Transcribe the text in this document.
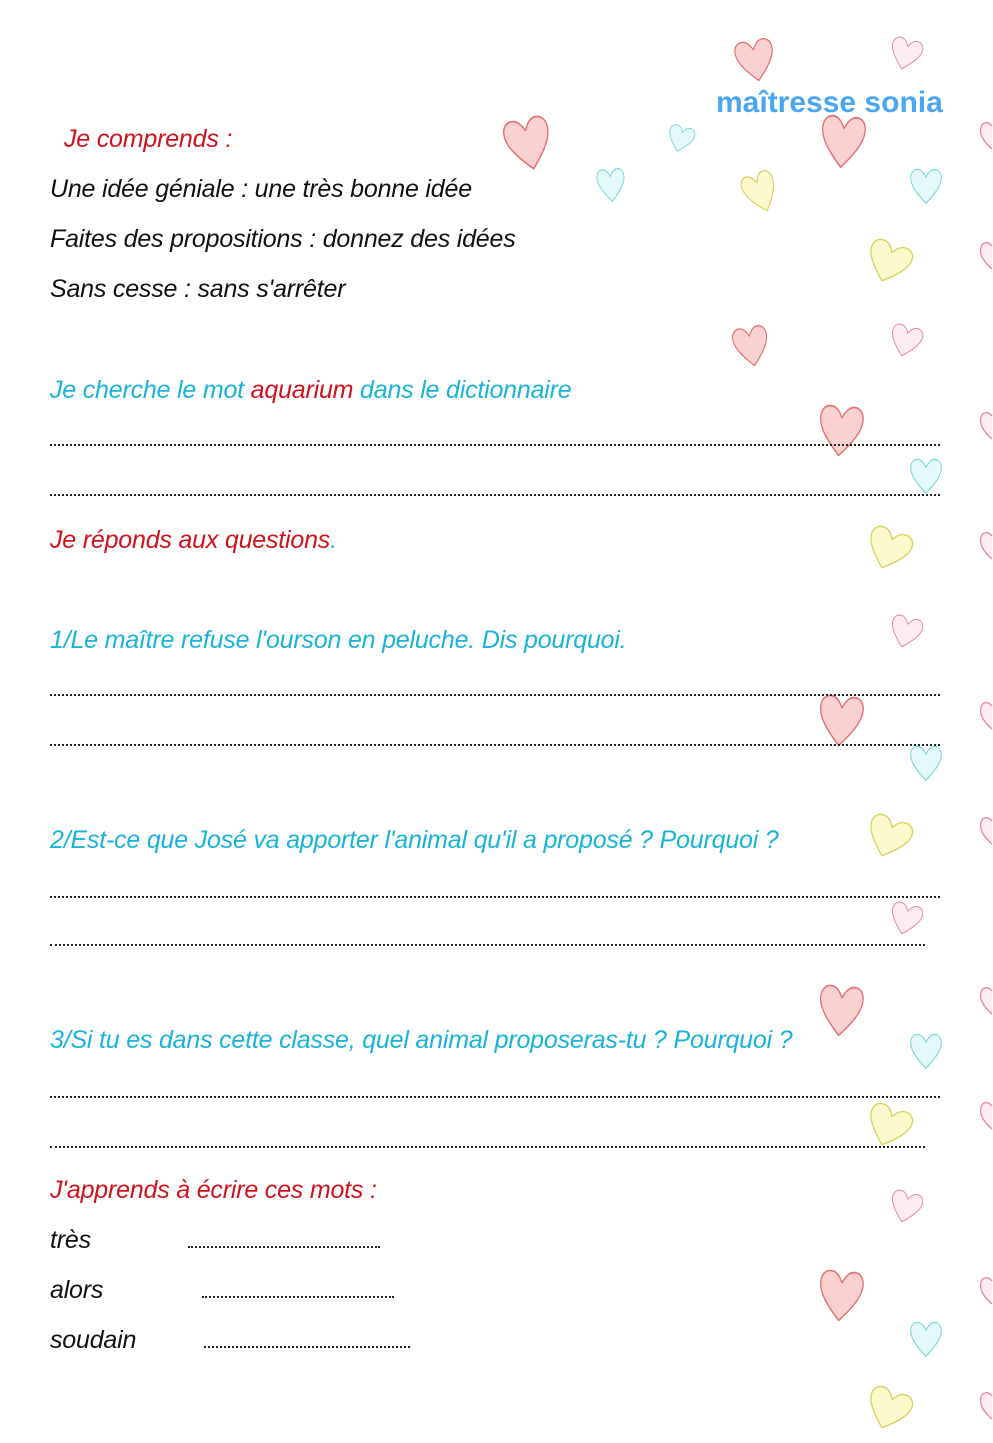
maîtresse sonia
Je comprends :
Une idée géniale : une très bonne idée
Faites des propositions : donnez des idées
Sans cesse : sans s'arrêter
Je cherche le mot aquarium dans le dictionnaire
Je réponds aux questions.
1/Le maître refuse l'ourson en peluche. Dis pourquoi.
2/Est-ce que José va apporter l'animal qu'il a proposé ? Pourquoi ?
3/Si tu es dans cette classe, quel animal proposeras-tu ? Pourquoi ?
J'apprends à écrire ces mots :
très
alors
soudain
